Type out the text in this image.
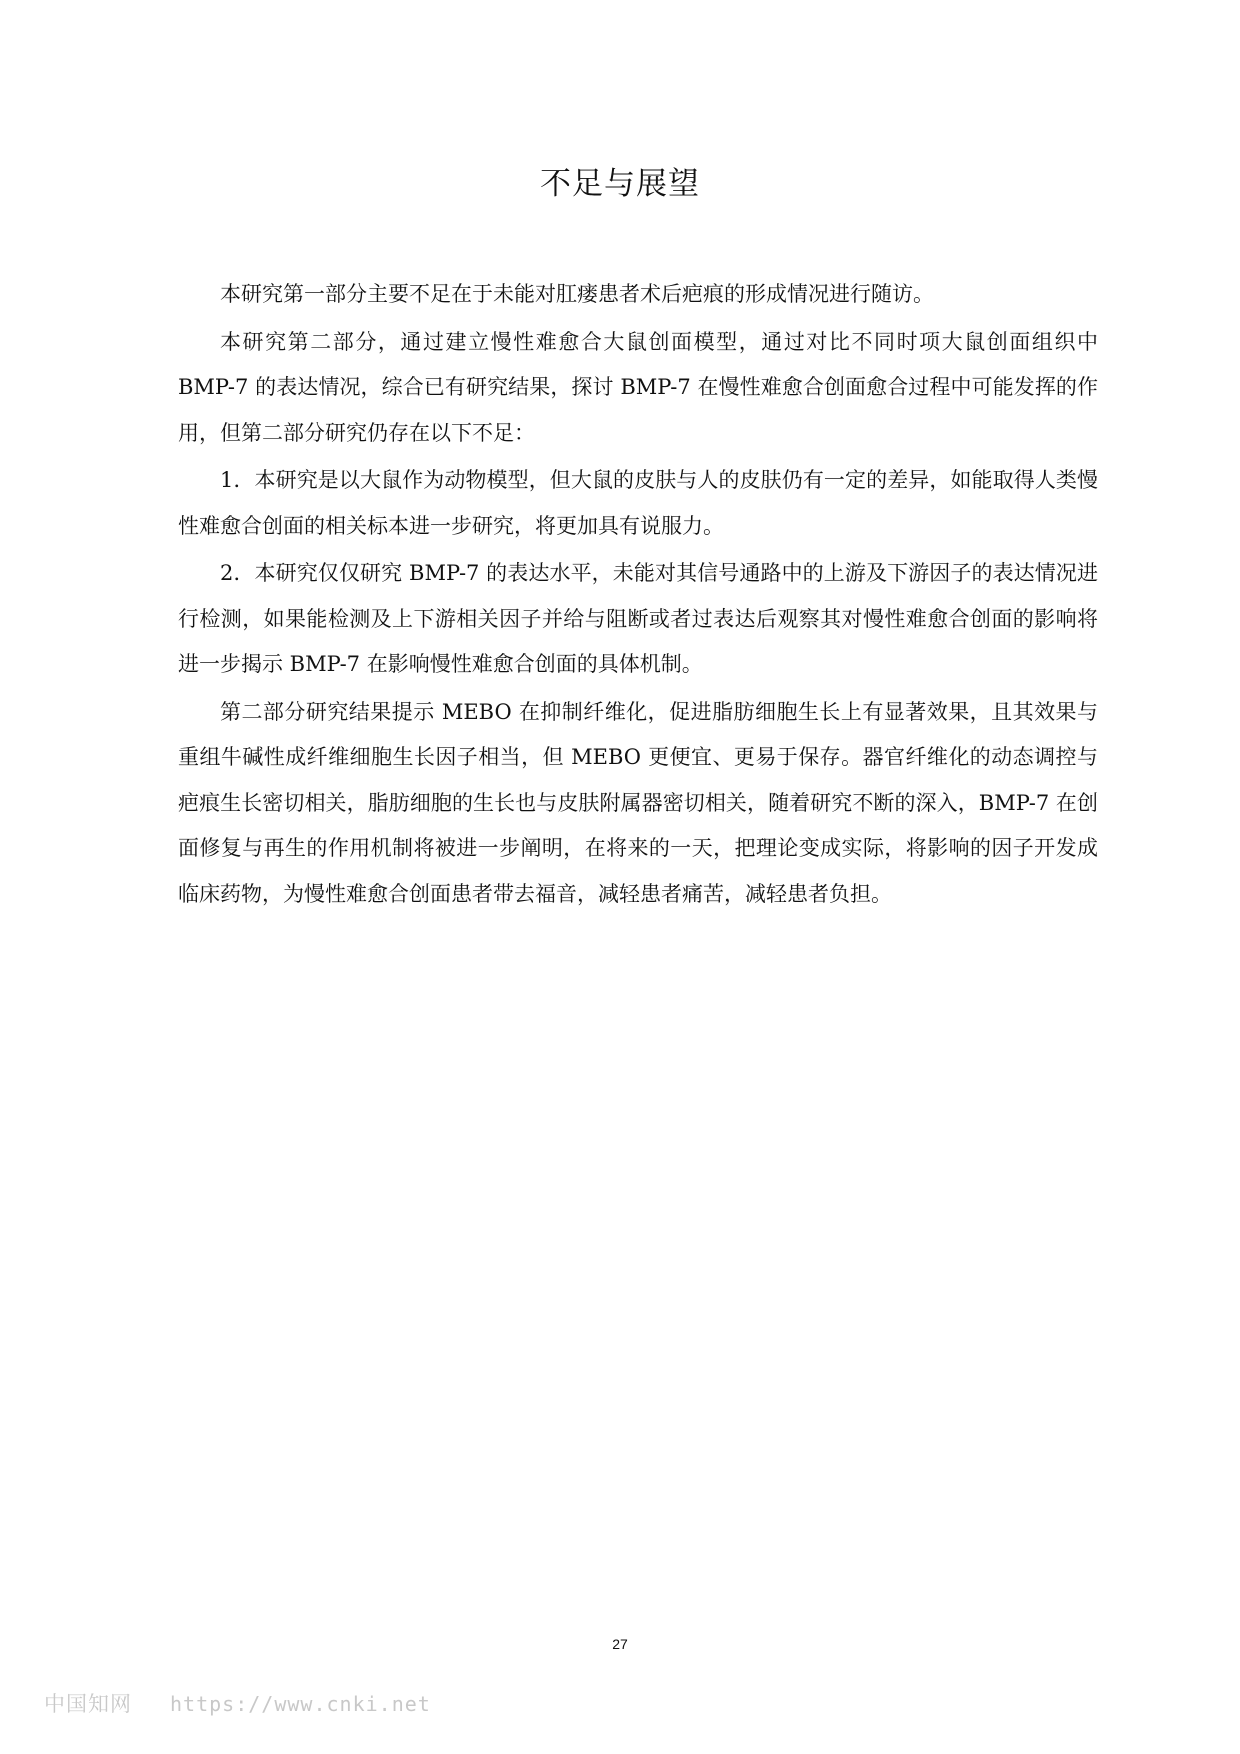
不足与展望

本研究第一部分主要不足在于未能对肛瘘患者术后疤痕的形成情况进行随访。

本研究第二部分，通过建立慢性难愈合大鼠创面模型，通过对比不同时项大鼠创面组织中 BMP-7 的表达情况，综合已有研究结果，探讨 BMP-7 在慢性难愈合创面愈合过程中可能发挥的作用，但第二部分研究仍存在以下不足：

1．本研究是以大鼠作为动物模型，但大鼠的皮肤与人的皮肤仍有一定的差异，如能取得人类慢性难愈合创面的相关标本进一步研究，将更加具有说服力。

2．本研究仅仅研究 BMP-7 的表达水平，未能对其信号通路中的上游及下游因子的表达情况进行检测，如果能检测及上下游相关因子并给与阻断或者过表达后观察其对慢性难愈合创面的影响将进一步揭示 BMP-7 在影响慢性难愈合创面的具体机制。

第二部分研究结果提示 MEBO 在抑制纤维化，促进脂肪细胞生长上有显著效果，且其效果与重组牛碱性成纤维细胞生长因子相当，但 MEBO 更便宜、更易于保存。器官纤维化的动态调控与疤痕生长密切相关，脂肪细胞的生长也与皮肤附属器密切相关，随着研究不断的深入，BMP-7 在创面修复与再生的作用机制将被进一步阐明，在将来的一天，把理论变成实际，将影响的因子开发成临床药物，为慢性难愈合创面患者带去福音，减轻患者痛苦，减轻患者负担。

27
中国知网 https://www.cnki.net
